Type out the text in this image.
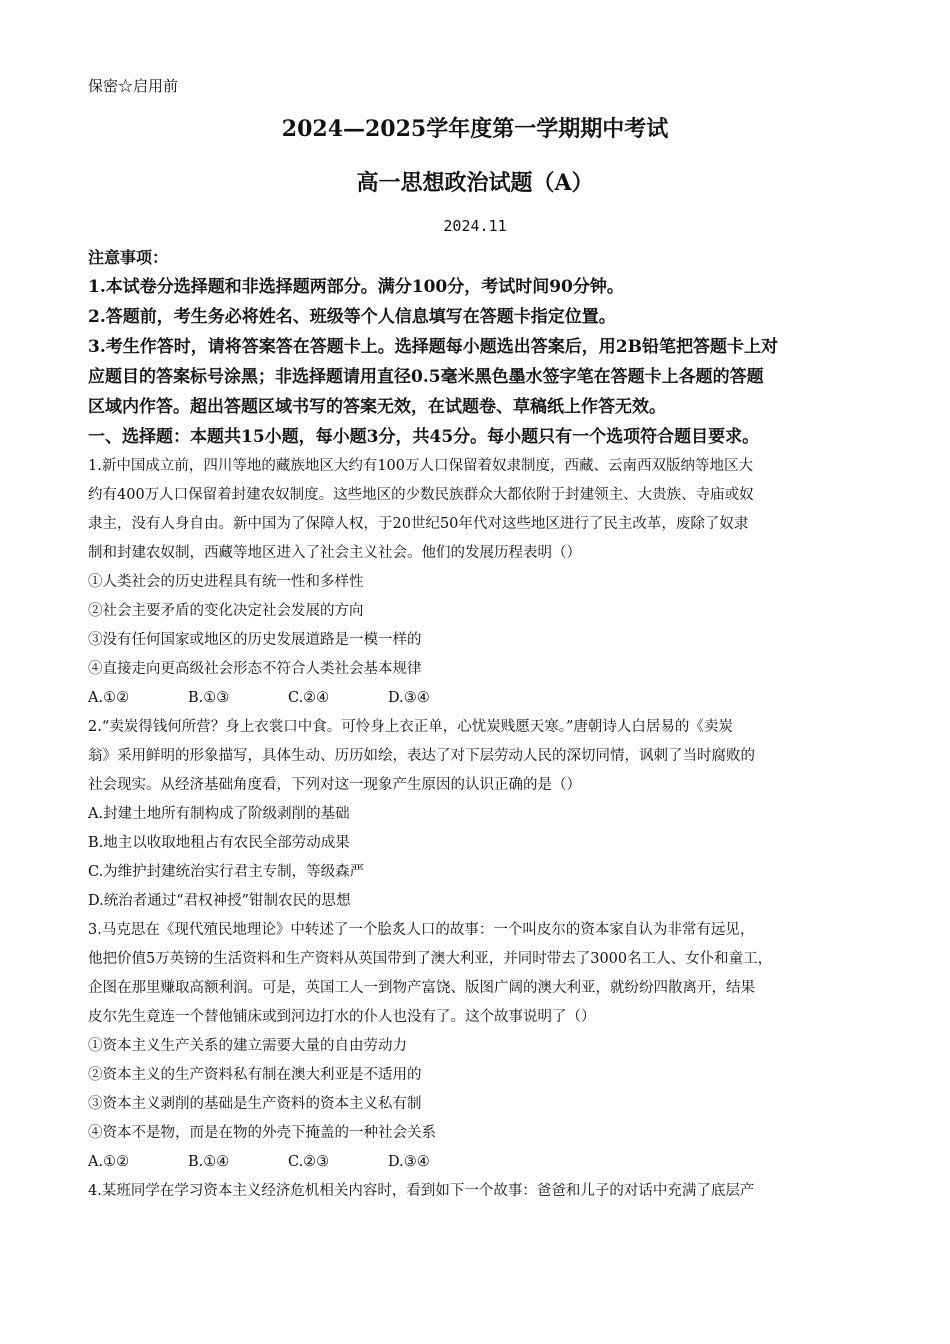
保密☆启用前
2024—2025学年度第一学期期中考试
高一思想政治试题（A）
2024.11
注意事项：
1.本试卷分选择题和非选择题两部分。满分100分，考试时间90分钟。
2.答题前，考生务必将姓名、班级等个人信息填写在答题卡指定位置。
3.考生作答时，请将答案答在答题卡上。选择题每小题选出答案后，用2B铅笔把答题卡上对
应题目的答案标号涂黑；非选择题请用直径0.5毫米黑色墨水签字笔在答题卡上各题的答题
区域内作答。超出答题区域书写的答案无效，在试题卷、草稿纸上作答无效。
一、选择题：本题共15小题，每小题3分，共45分。每小题只有一个选项符合题目要求。
1.新中国成立前，四川等地的藏族地区大约有100万人口保留着奴隶制度，西藏、云南西双版纳等地区大
约有400万人口保留着封建农奴制度。这些地区的少数民族群众大都依附于封建领主、大贵族、寺庙或奴
隶主，没有人身自由。新中国为了保障人权，于20世纪50年代对这些地区进行了民主改革，废除了奴隶
制和封建农奴制，西藏等地区进入了社会主义社会。他们的发展历程表明（）
①人类社会的历史进程具有统一性和多样性
②社会主要矛盾的变化决定社会发展的方向
③没有任何国家或地区的历史发展道路是一模一样的
④直接走向更高级社会形态不符合人类社会基本规律
A.①②	B.①③	C.②④	D.③④
2.“卖炭得钱何所营？身上衣裳口中食。可怜身上衣正单，心忧炭贱愿天寒。”唐朝诗人白居易的《卖炭
翁》采用鲜明的形象描写，具体生动、历历如绘，表达了对下层劳动人民的深切同情，讽刺了当时腐败的
社会现实。从经济基础角度看，下列对这一现象产生原因的认识正确的是（）
A.封建土地所有制构成了阶级剥削的基础
B.地主以收取地租占有农民全部劳动成果
C.为维护封建统治实行君主专制，等级森严
D.统治者通过“君权神授”钳制农民的思想
3.马克思在《现代殖民地理论》中转述了一个脍炙人口的故事：一个叫皮尔的资本家自认为非常有远见，
他把价值5万英镑的生活资料和生产资料从英国带到了澳大利亚，并同时带去了3000名工人、女仆和童工，
企图在那里赚取高额利润。可是，英国工人一到物产富饶、版图广阔的澳大利亚，就纷纷四散离开，结果
皮尔先生竟连一个替他铺床或到河边打水的仆人也没有了。这个故事说明了（）
①资本主义生产关系的建立需要大量的自由劳动力
②资本主义的生产资料私有制在澳大利亚是不适用的
③资本主义剥削的基础是生产资料的资本主义私有制
④资本不是物，而是在物的外壳下掩盖的一种社会关系
A.①②	B.①④	C.②③	D.③④
4.某班同学在学习资本主义经济危机相关内容时，看到如下一个故事：爸爸和儿子的对话中充满了底层产
